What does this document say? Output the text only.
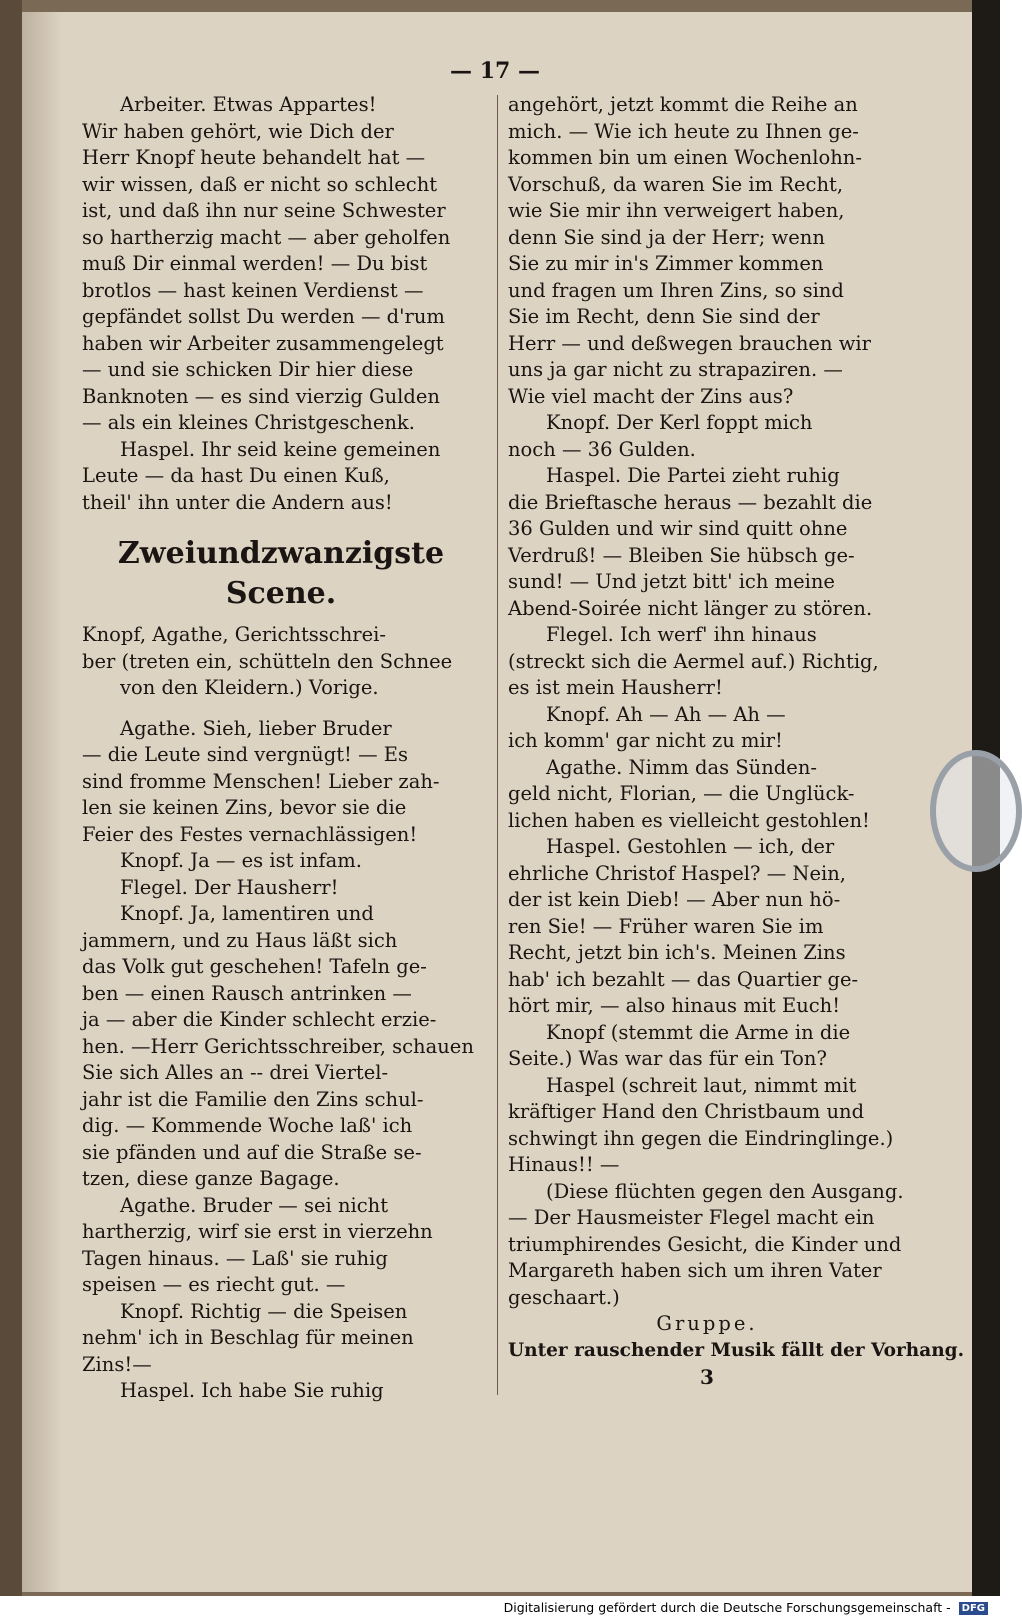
— 17 —
Arbeiter. Etwas Appartes!
Wir haben gehört, wie Dich der
Herr Knopf heute behandelt hat —
wir wissen, daß er nicht so schlecht
ist, und daß ihn nur seine Schwester
so hartherzig macht — aber geholfen
muß Dir einmal werden! — Du bist
brotlos — hast keinen Verdienst —
gepfändet sollst Du werden — d'rum
haben wir Arbeiter zusammengelegt
— und sie schicken Dir hier diese
Banknoten — es sind vierzig Gulden
— als ein kleines Christgeschenk.
Haspel. Ihr seid keine gemeinen
Leute — da hast Du einen Kuß,
theil' ihn unter die Andern aus!
Zweiundzwanzigste Scene.
Knopf, Agathe, Gerichtsschrei-
ber (treten ein, schütteln den Schnee
von den Kleidern.) Vorige.
Agathe. Sieh, lieber Bruder
— die Leute sind vergnügt! — Es
sind fromme Menschen! Lieber zah-
len sie keinen Zins, bevor sie die
Feier des Festes vernachlässigen!
Knopf. Ja — es ist infam.
Flegel. Der Hausherr!
Knopf. Ja, lamentiren und
jammern, und zu Haus läßt sich
das Volk gut geschehen! Tafeln ge-
ben — einen Rausch antrinken —
ja — aber die Kinder schlecht erzie-
hen. —Herr Gerichtsschreiber, schauen
Sie sich Alles an -- drei Viertel-
jahr ist die Familie den Zins schul-
dig. — Kommende Woche laß' ich
sie pfänden und auf die Straße se-
tzen, diese ganze Bagage.
Agathe. Bruder — sei nicht
hartherzig, wirf sie erst in vierzehn
Tagen hinaus. — Laß' sie ruhig
speisen — es riecht gut. —
Knopf. Richtig — die Speisen
nehm' ich in Beschlag für meinen
Zins!—
Haspel. Ich habe Sie ruhig
angehört, jetzt kommt die Reihe an
mich. — Wie ich heute zu Ihnen ge-
kommen bin um einen Wochenlohn-
Vorschuß, da waren Sie im Recht,
wie Sie mir ihn verweigert haben,
denn Sie sind ja der Herr; wenn
Sie zu mir in's Zimmer kommen
und fragen um Ihren Zins, so sind
Sie im Recht, denn Sie sind der
Herr — und deßwegen brauchen wir
uns ja gar nicht zu strapaziren. —
Wie viel macht der Zins aus?
Knopf. Der Kerl foppt mich
noch — 36 Gulden.
Haspel. Die Partei zieht ruhig
die Brieftasche heraus — bezahlt die
36 Gulden und wir sind quitt ohne
Verdruß! — Bleiben Sie hübsch ge-
sund! — Und jetzt bitt' ich meine
Abend-Soirée nicht länger zu stören.
Flegel. Ich werf' ihn hinaus
(streckt sich die Aermel auf.) Richtig,
es ist mein Hausherr!
Knopf. Ah — Ah — Ah —
ich komm' gar nicht zu mir!
Agathe. Nimm das Sünden-
geld nicht, Florian, — die Unglück-
lichen haben es vielleicht gestohlen!
Haspel. Gestohlen — ich, der
ehrliche Christof Haspel? — Nein,
der ist kein Dieb! — Aber nun hö-
ren Sie! — Früher waren Sie im
Recht, jetzt bin ich's. Meinen Zins
hab' ich bezahlt — das Quartier ge-
hört mir, — also hinaus mit Euch!
Knopf (stemmt die Arme in die
Seite.) Was war das für ein Ton?
Haspel (schreit laut, nimmt mit
kräftiger Hand den Christbaum und
schwingt ihn gegen die Eindringlinge.)
Hinaus!! —
(Diese flüchten gegen den Ausgang.
— Der Hausmeister Flegel macht ein
triumphirendes Gesicht, die Kinder und
Margareth haben sich um ihren Vater
geschaart.)
Gruppe.
Unter rauschender Musik fällt der Vorhang.
3
Digitalisierung gefördert durch die Deutsche Forschungsgemeinschaft - DFG
